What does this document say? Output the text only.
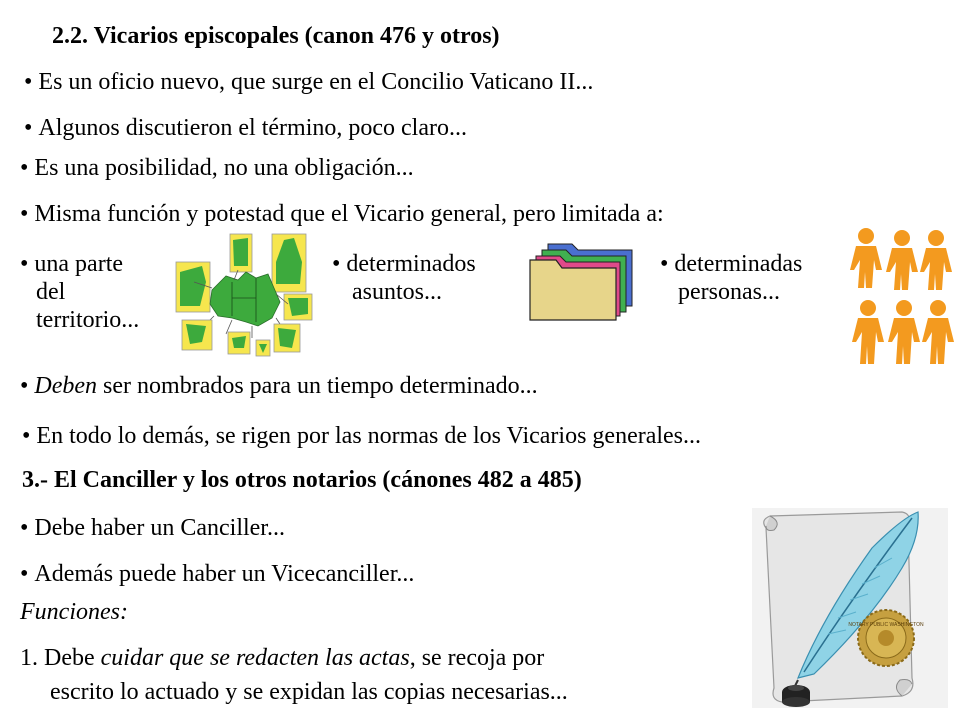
2.2. Vicarios episcopales (canon 476 y otros)
• Es un oficio nuevo, que surge en el Concilio Vaticano II...
• Algunos discutieron el término, poco claro...
• Es una posibilidad, no una obligación...
• Misma función y potestad que el Vicario general, pero limitada a:
• una parte
del
territorio...
• determinados
asuntos...
• determinadas
personas...
• Deben ser nombrados para un tiempo determinado...
• En todo lo demás, se rigen por las normas de los Vicarios generales...
3.- El Canciller y los otros notarios (cánones 482 a 485)
• Debe haber un Canciller...
• Además puede haber un Vicecanciller...
Funciones:
1. Debe cuidar que se redacten las actas, se recoja por
escrito lo actuado y se expidan las copias necesarias...
NOTARY PUBLIC WASHINGTON
